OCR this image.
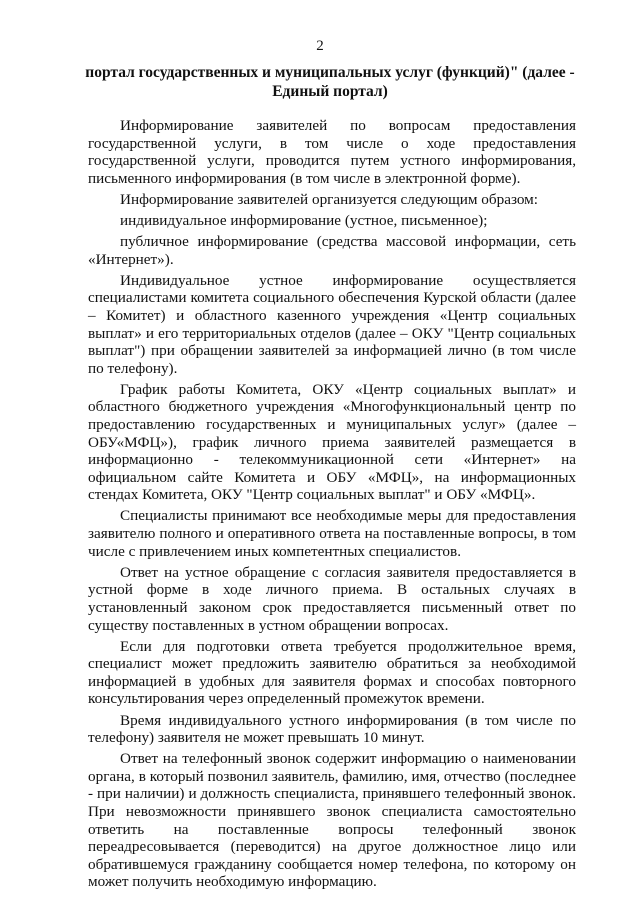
2
портал государственных и муниципальных услуг (функций)" (далее - Единый портал)

Информирование заявителей по вопросам предоставления государственной услуги, в том числе о ходе предоставления государственной услуги, проводится путем устного информирования, письменного информирования (в том числе в электронной форме).

Информирование заявителей организуется следующим образом:

индивидуальное информирование (устное, письменное);

публичное информирование (средства массовой информации, сеть «Интернет»).

Индивидуальное устное информирование осуществляется специалистами комитета социального обеспечения Курской области (далее – Комитет) и областного казенного учреждения «Центр социальных выплат» и его территориальных отделов (далее – ОКУ "Центр социальных выплат") при обращении заявителей за информацией лично (в том числе по телефону).

График работы Комитета, ОКУ «Центр социальных выплат» и областного бюджетного учреждения «Многофункциональный центр по предоставлению государственных и муниципальных услуг» (далее – ОБУ«МФЦ»), график личного приема заявителей размещается в информационно - телекоммуникационной сети «Интернет» на официальном сайте Комитета и ОБУ «МФЦ», на информационных стендах Комитета, ОКУ "Центр социальных выплат" и ОБУ «МФЦ».

Специалисты принимают все необходимые меры для предоставления заявителю полного и оперативного ответа на поставленные вопросы, в том числе с привлечением иных компетентных специалистов.

Ответ на устное обращение с согласия заявителя предоставляется в устной форме в ходе личного приема. В остальных случаях в установленный законом срок предоставляется письменный ответ по существу поставленных в устном обращении вопросах.

Если для подготовки ответа требуется продолжительное время, специалист может предложить заявителю обратиться за необходимой информацией в удобных для заявителя формах и способах повторного консультирования через определенный промежуток времени.

Время индивидуального устного информирования (в том числе по телефону) заявителя не может превышать 10 минут.

Ответ на телефонный звонок содержит информацию о наименовании органа, в который позвонил заявитель, фамилию, имя, отчество (последнее - при наличии) и должность специалиста, принявшего телефонный звонок. При невозможности принявшего звонок специалиста самостоятельно ответить на поставленные вопросы телефонный звонок переадресовывается (переводится) на другое должностное лицо или обратившемуся гражданину сообщается номер телефона, по которому он может получить необходимую информацию.
